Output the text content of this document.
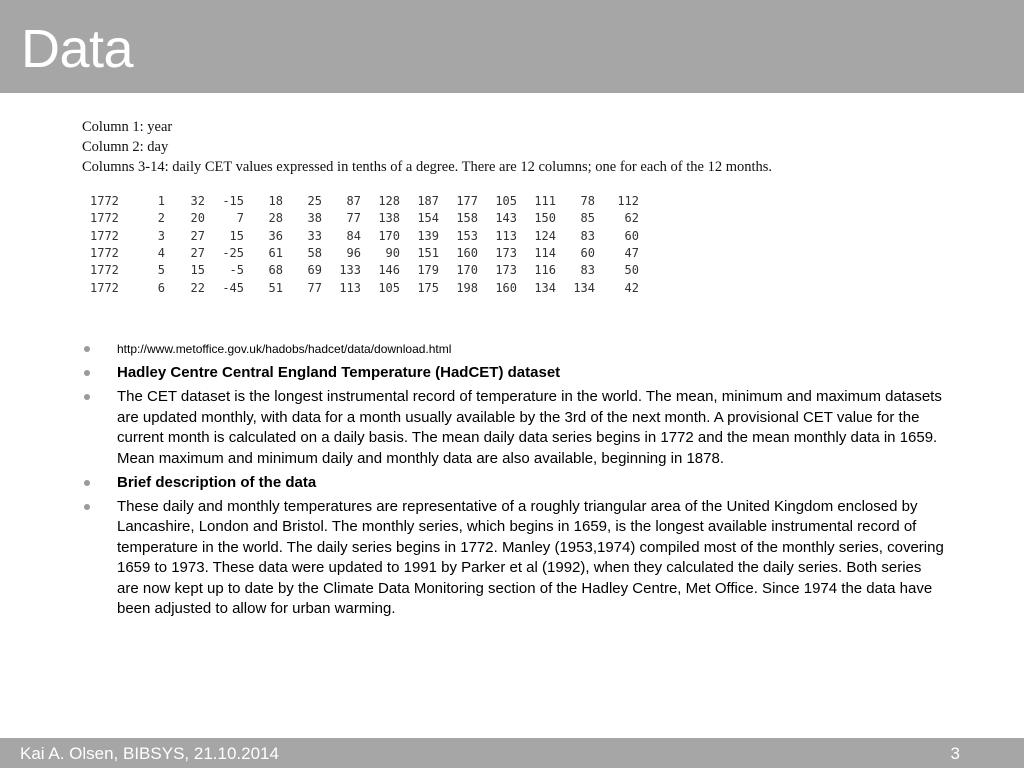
Data

Column 1: year

Column 2: day

Columns 3-14: daily CET values expressed in tenths of a degree. There are 12 columns; one for each of the 12 months.

1772	1	32	-15	18	25	87	128	187	177	105	111	78	112
1772	2	20	7	28	38	77	138	154	158	143	150	85	62
1772	3	27	15	36	33	84	170	139	153	113	124	83	60
1772	4	27	-25	61	58	96	90	151	160	173	114	60	47
1772	5	15	-5	68	69	133	146	179	170	173	116	83	50
1772	6	22	-45	51	77	113	105	175	198	160	134	134	42
http://www.metoffice.gov.uk/hadobs/hadcet/data/download.html
Hadley Centre Central England Temperature (HadCET) dataset
The CET dataset is the longest instrumental record of temperature in the world. The mean, minimum and maximum datasets are updated monthly, with data for a month usually available by the 3rd of the next month. A provisional CET value for the current month is calculated on a daily basis. The mean daily data series begins in 1772 and the mean monthly data in 1659. Mean maximum and minimum daily and monthly data are also available, beginning in 1878.
Brief description of the data
These daily and monthly temperatures are representative of a roughly triangular area of the United Kingdom enclosed by Lancashire, London and Bristol. The monthly series, which begins in 1659, is the longest available instrumental record of temperature in the world. The daily series begins in 1772. Manley (1953,1974) compiled most of the monthly series, covering 1659 to 1973. These data were updated to 1991 by Parker et al (1992), when they calculated the daily series. Both series are now kept up to date by the Climate Data Monitoring section of the Hadley Centre, Met Office. Since 1974 the data have been adjusted to allow for urban warming.
Kai A. Olsen, BIBSYS, 21.10.2014	3
